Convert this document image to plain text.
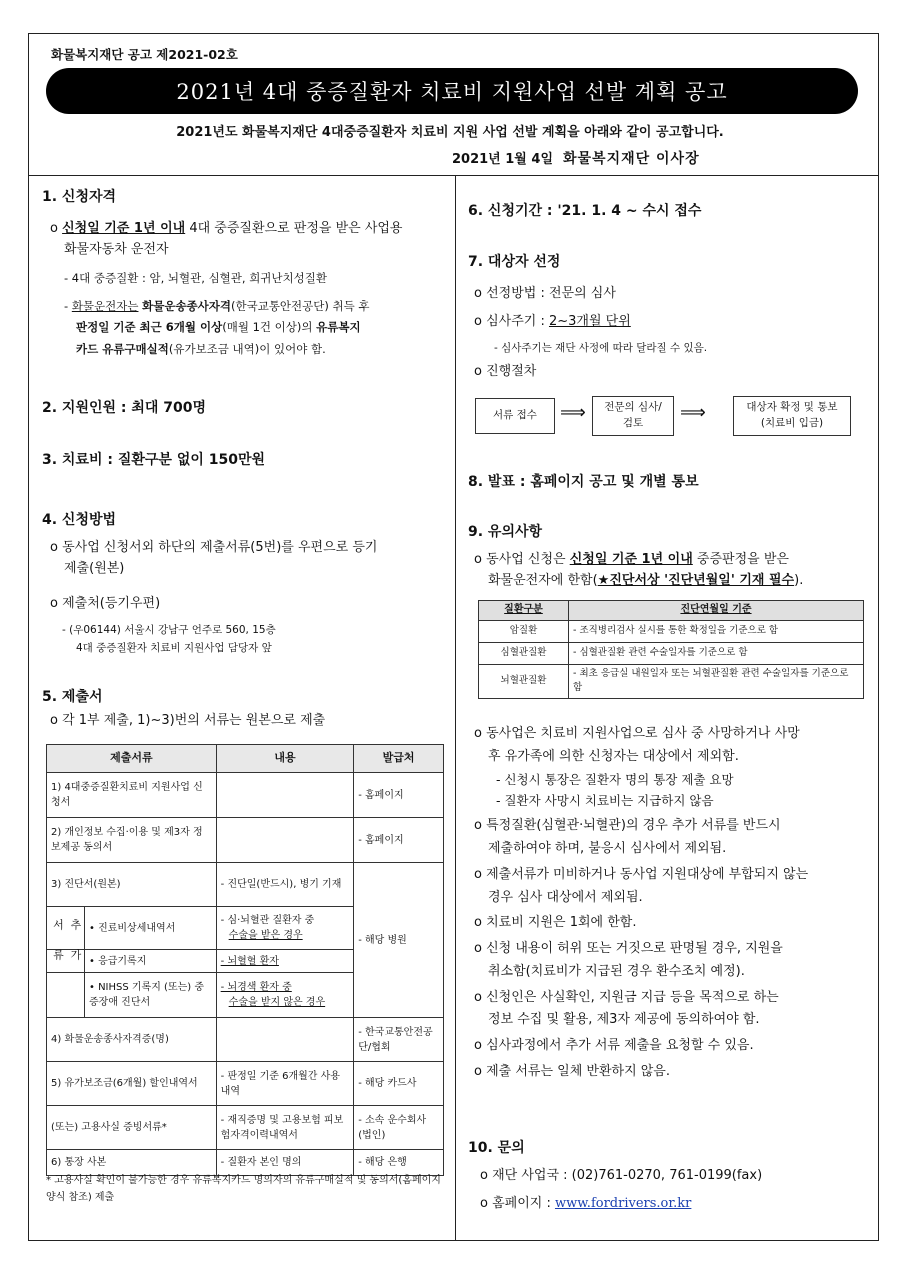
화물복지재단 공고 제2021-02호
2021년 4대 중증질환자 치료비 지원사업 선발 계획 공고
2021년도 화물복지재단 4대중증질환자 치료비 지원 사업 선발 계획을 아래와 같이 공고합니다.
2021년 1월 4일 화물복지재단 이사장
1. 신청자격
ο 신청일 기준 1년 이내 4대 중증질환으로 판정을 받은 사업용
화물자동차 운전자
- 4대 중증질환 : 암, 뇌혈관, 심혈관, 희귀난치성질환
- 화물운전자는 화물운송종사자격(한국교통안전공단) 취득 후
판정일 기준 최근 6개월 이상(매월 1건 이상)의 유류복지
카드 유류구매실적(유가보조금 내역)이 있어야 함.
2. 지원인원 : 최대 700명
3. 치료비 : 질환구분 없이 150만원
4. 신청방법
ο 동사업 신청서외 하단의 제출서류(5번)를 우편으로 등기
제출(원본)
ο 제출처(등기우편)
- (우06144) 서울시 강남구 언주로 560, 15층
4대 중증질환자 치료비 지원사업 담당자 앞
5. 제출서
ο 각 1부 제출, 1)~3)번의 서류는 원본으로 제출
제출서류	내용	발급처
1) 4대중증질환치료비 지원사업 신청서		- 홈페이지
2) 개인정보 수집·이용 및 제3자 정보제공 동의서		- 홈페이지
3) 진단서(원본)	- 진단일(반드시), 병기 기재	- 해당 병원

• 진료비상세내역서	- 심·뇌혈관 질환자 중
수술을 받은 경우	

추 가 서 류 • 응급기록지	- 뇌혈혈 환자	

• NIHSS 기록지 (또는) 중증장애 진단서	- 뇌경색 환자 중
수술을 받지 않은 경우	

4) 화물운송종사자격증(명)		- 한국교통안전공단/협회
5) 유가보조금(6개월) 할인내역서	- 판정일 기준 6개월간 사용 내역	- 해당 카드사
(또는) 고용사실 증빙서류*	- 재직증명 및 고용보험 피보험자격이력내역서	- 소속 운수회사(법인)
6) 통장 사본	- 질환자 본인 명의	- 해당 은행
* 고용사실 확인이 불가능한 경우 유류복지카드 명의자의 유류구매실적 및 동의서(홈페이지 양식 참조) 제출
6. 신청기간 : '21. 1. 4 ~ 수시 접수
7. 대상자 선정
ο 선정방법 : 전문의 심사
ο 심사주기 : 2~3개월 단위
- 심사주기는 재단 사정에 따라 달라질 수 있음.
ο 진행절차
서류 접수	⟹	전문의 심사/검토	⟹	대상자 확정 및 통보(치료비 입금)
8. 발표 : 홈페이지 공고 및 개별 통보
9. 유의사항
ο 동사업 신청은 신청일 기준 1년 이내 중증판정을 받은
화물운전자에 한함(★진단서상 '진단년월일' 기재 필수).
질환구분	진단연월일 기준
암질환	- 조직병리검사 실시를 통한 확정일을 기준으로 함
심혈관질환	- 심혈관질환 관련 수술일자를 기준으로 함
뇌혈관질환	- 최초 응급실 내원일자 또는 뇌혈관질환 관련 수술일자를 기준으로 함
ο 동사업은 치료비 지원사업으로 심사 중 사망하거나 사망
후 유가족에 의한 신청자는 대상에서 제외함.
- 신청시 통장은 질환자 명의 통장 제출 요망
- 질환자 사망시 치료비는 지급하지 않음
ο 특정질환(심혈관·뇌혈관)의 경우 추가 서류를 반드시
제출하여야 하며, 불응시 심사에서 제외됨.
ο 제출서류가 미비하거나 동사업 지원대상에 부합되지 않는
경우 심사 대상에서 제외됨.
ο 치료비 지원은 1회에 한함.
ο 신청 내용이 허위 또는 거짓으로 판명될 경우, 지원을
취소함(치료비가 지급된 경우 환수조치 예정).
ο 신청인은 사실확인, 지원금 지급 등을 목적으로 하는
정보 수집 및 활용, 제3자 제공에 동의하여야 함.
ο 심사과정에서 추가 서류 제출을 요청할 수 있음.
ο 제출 서류는 일체 반환하지 않음.
10. 문의
ο 재단 사업국 : (02)761-0270, 761-0199(fax)
ο 홈페이지 : www.fordrivers.or.kr
